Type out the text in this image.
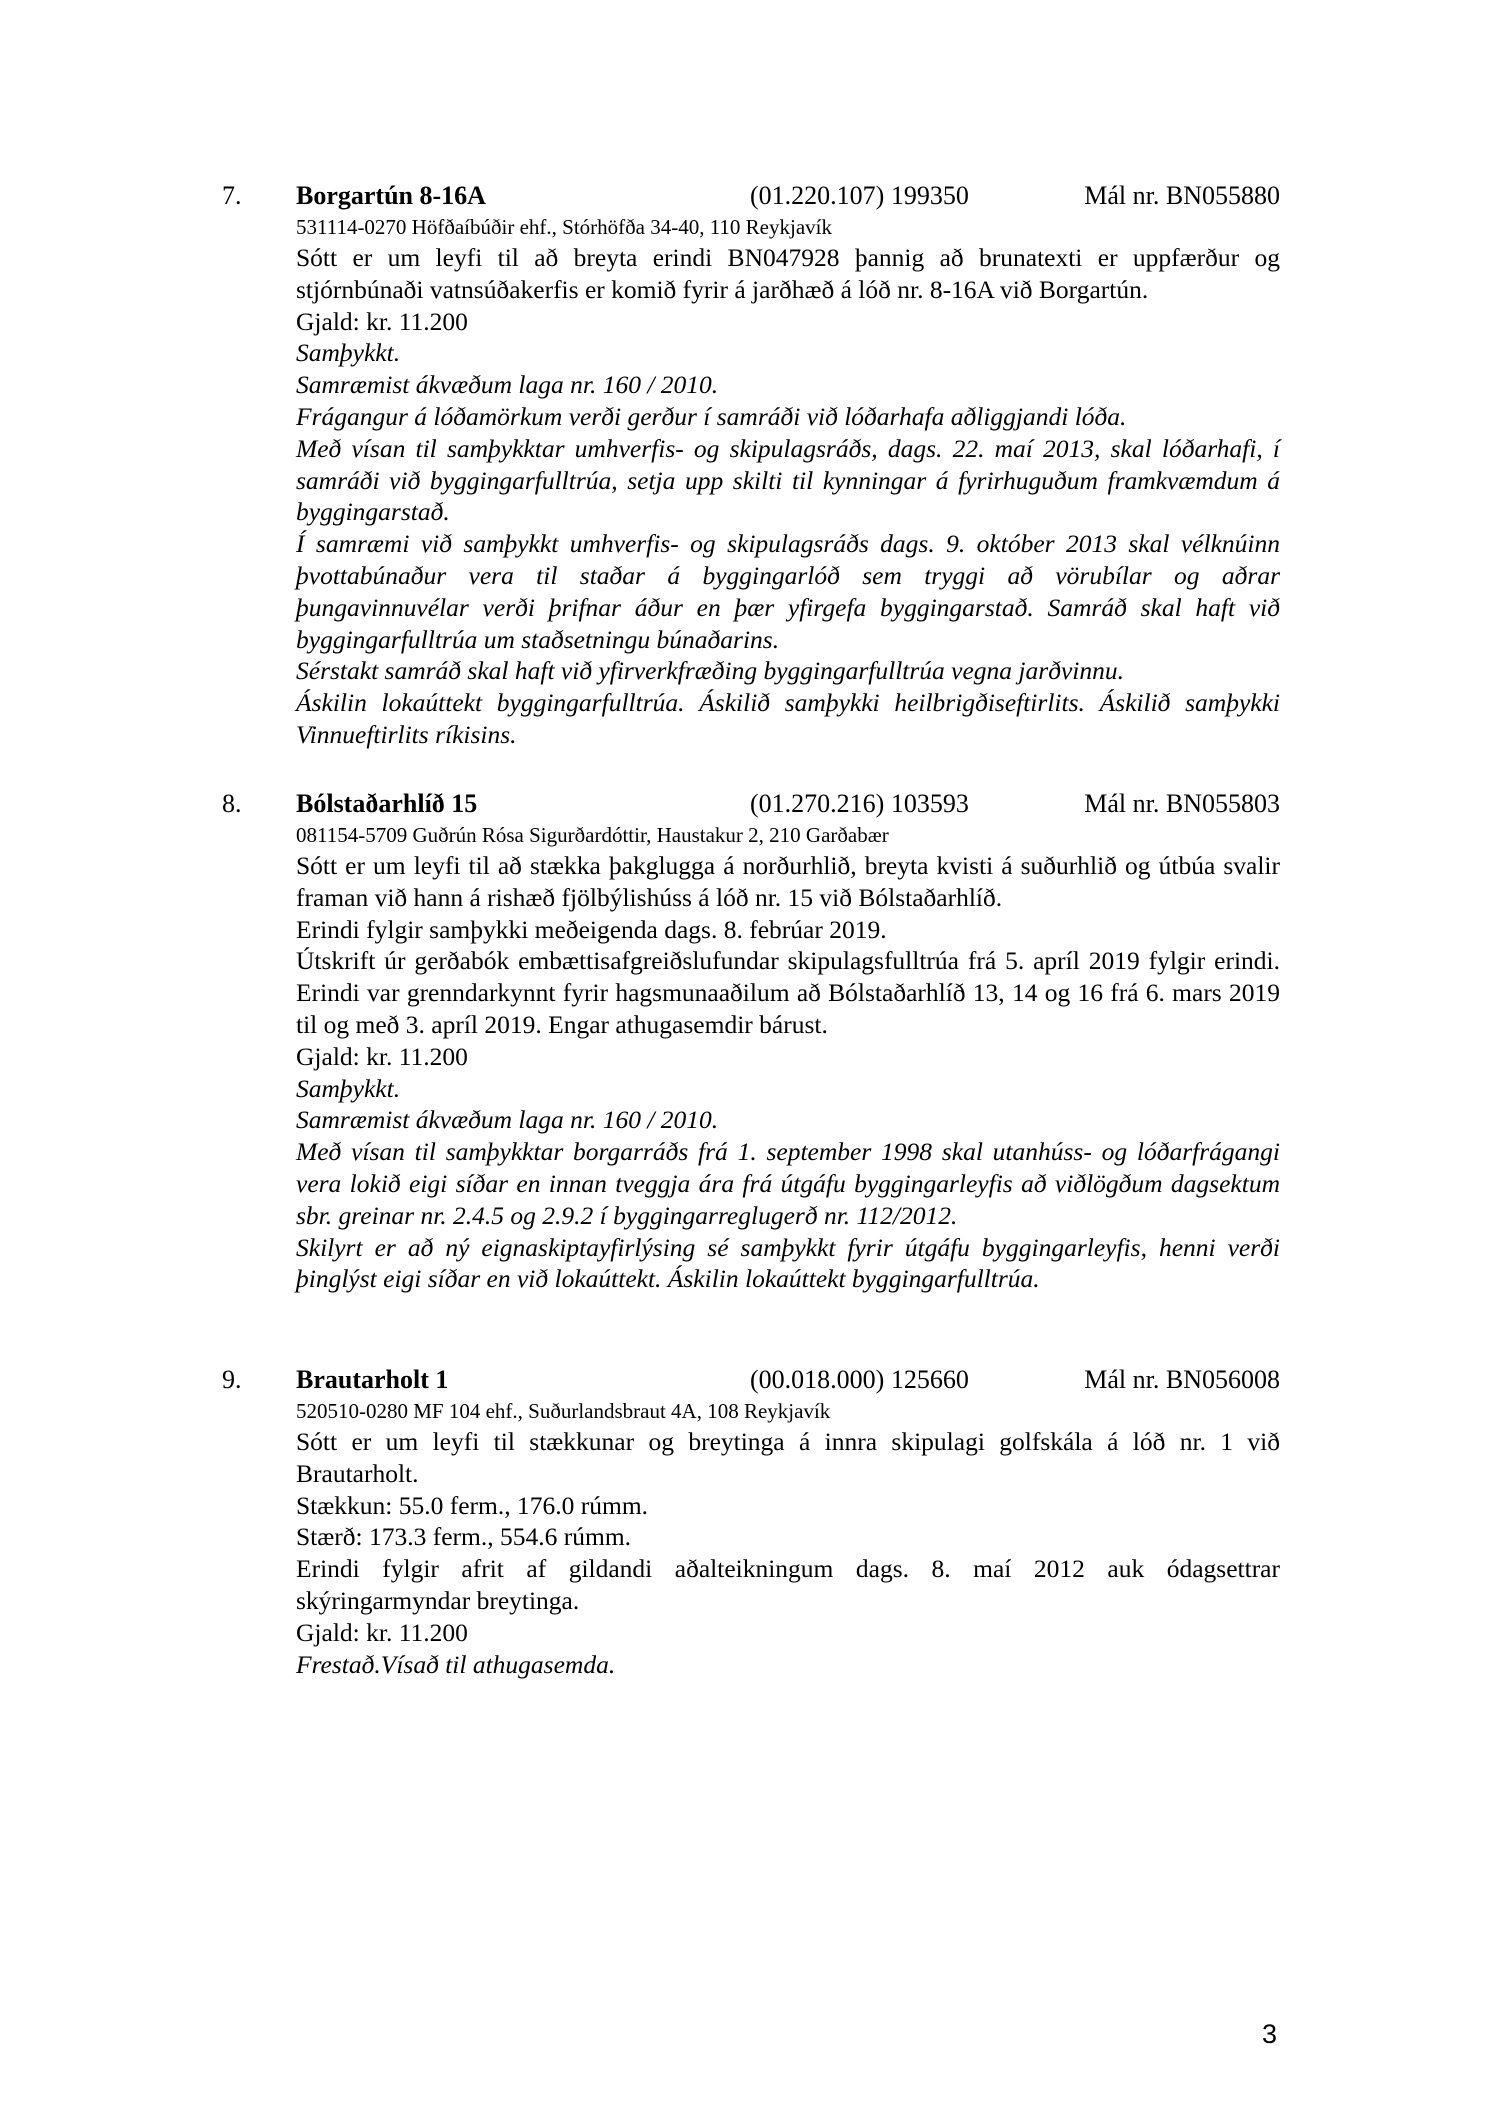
7. Borgartún 8-16A	(01.220.107) 199350	Mál nr. BN055880
531114-0270 Höfðaíbúðir ehf., Stórhöfða 34-40, 110 Reykjavík
Sótt er um leyfi til að breyta erindi BN047928 þannig að brunatexti er uppfærður og stjórnbúnaði vatnsúðakerfis er komið fyrir á jarðhæð á lóð nr. 8-16A við Borgartún.
Gjald: kr. 11.200
Samþykkt.
Samræmist ákvæðum laga nr. 160 / 2010.
Frágangur á lóðamörkum verði gerður í samráði við lóðarhafa aðliggjandi lóða.
Með vísan til samþykktar umhverfis- og skipulagsráðs, dags. 22. maí 2013, skal lóðarhafi, í samráði við byggingarfulltrúa, setja upp skilti til kynningar á fyrirhuguðum framkvæmdum á byggingarstað.
Í samræmi við samþykkt umhverfis- og skipulagsráðs dags. 9. október 2013 skal vélknúinn þvottabúnaður vera til staðar á byggingarlóð sem tryggi að vörubílar og aðrar þungavinnuvélar verði þrifnar áður en þær yfirgefa byggingarstað. Samráð skal haft við byggingarfulltrúa um staðsetningu búnaðarins.
Sérstakt samráð skal haft við yfirverkfræðing byggingarfulltrúa vegna jarðvinnu.
Áskilin lokaúttekt byggingarfulltrúa. Áskilið samþykki heilbrigðiseftirlits. Áskilið samþykki Vinnueftirlits ríkisins.
8. Bólstaðarhlíð 15	(01.270.216) 103593	Mál nr. BN055803
081154-5709 Guðrún Rósa Sigurðardóttir, Haustakur 2, 210 Garðabær
Sótt er um leyfi til að stækka þakglugga á norðurhlið, breyta kvisti á suðurhlið og útbúa svalir framan við hann á rishæð fjölbýlishúss á lóð nr. 15 við Bólstaðarhlíð.
Erindi fylgir samþykki meðeigenda dags. 8. febrúar 2019.
Útskrift úr gerðabók embættisafgreiðslufundar skipulagsfulltrúa frá 5. apríl 2019 fylgir erindi. Erindi var grenndarkynnt fyrir hagsmunaaðilum að Bólstaðarhlíð 13, 14 og 16 frá 6. mars 2019 til og með 3. apríl 2019. Engar athugasemdir bárust.
Gjald: kr. 11.200
Samþykkt.
Samræmist ákvæðum laga nr. 160 / 2010.
Með vísan til samþykktar borgarráðs frá 1. september 1998 skal utanhúss- og lóðarfrágangi vera lokið eigi síðar en innan tveggja ára frá útgáfu byggingarleyfis að viðlögðum dagsektum sbr. greinar nr. 2.4.5 og 2.9.2 í byggingarreglugerð nr. 112/2012.
Skilyrt er að ný eignaskiptayfirlýsing sé samþykkt fyrir útgáfu byggingarleyfis, henni verði þinglýst eigi síðar en við lokaúttekt. Áskilin lokaúttekt byggingarfulltrúa.
9. Brautarholt 1	(00.018.000) 125660	Mál nr. BN056008
520510-0280 MF 104 ehf., Suðurlandsbraut 4A, 108 Reykjavík
Sótt er um leyfi til stækkunar og breytinga á innra skipulagi golfskála á lóð nr. 1 við Brautarholt.
Stækkun: 55.0 ferm., 176.0 rúmm.
Stærð: 173.3 ferm., 554.6 rúmm.
Erindi fylgir afrit af gildandi aðalteikningum dags. 8. maí 2012 auk ódagsettrar skýringarmyndar breytinga.
Gjald: kr. 11.200
Frestað.Vísað til athugasemda.
3
